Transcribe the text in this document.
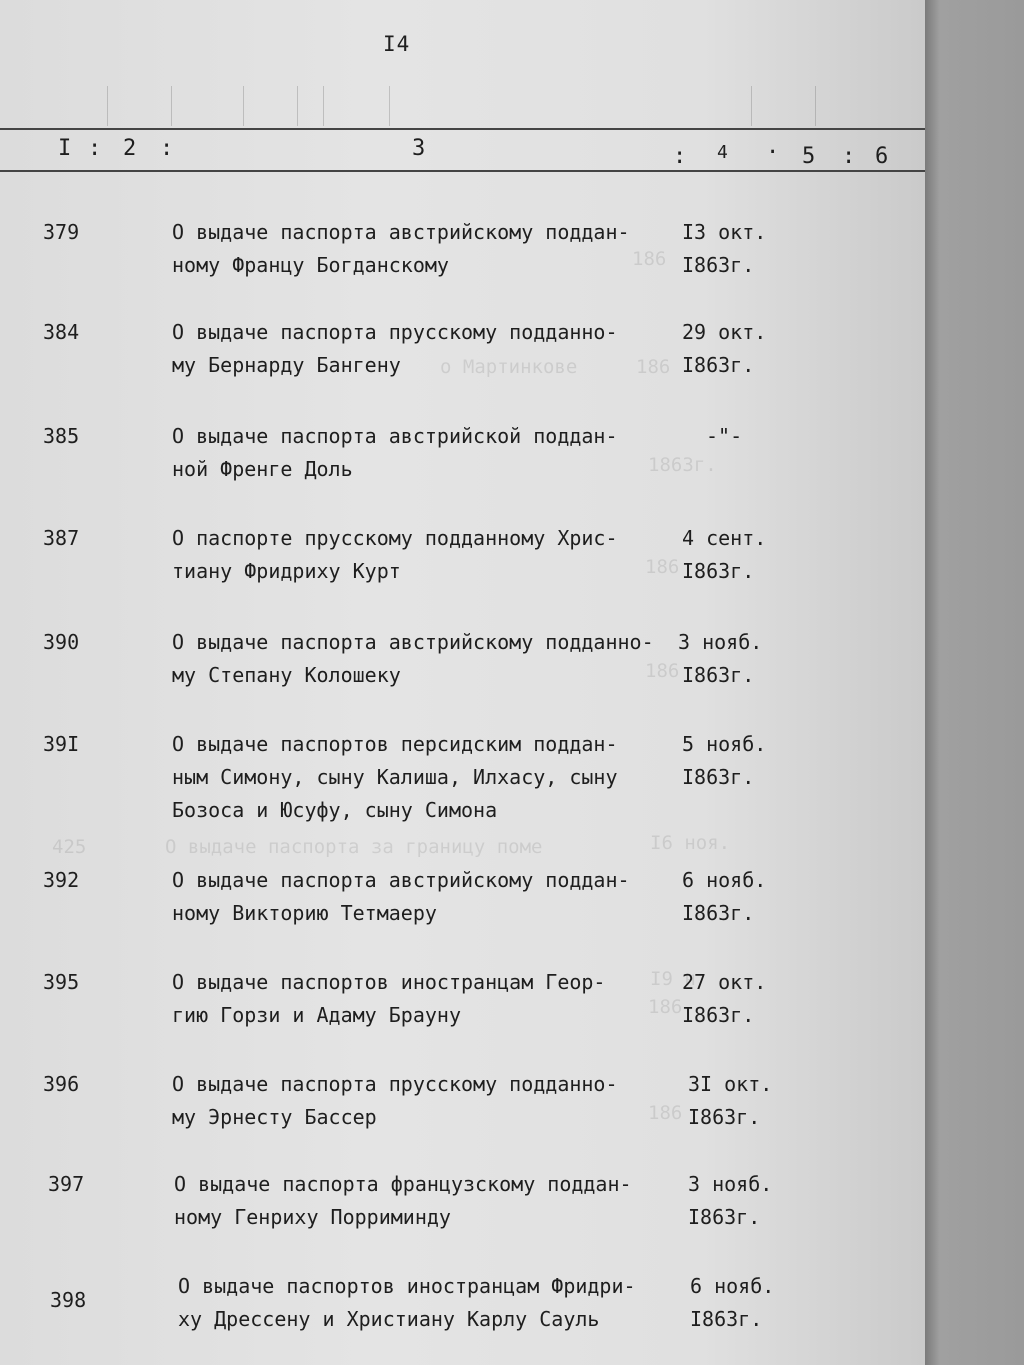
I4
I : 2 :	3	: 4 · 5 : 6
186
о Мартинкове	186
1863г.
186
186
425	О выдаче паспорта за границу поме	I6 ноя.
I9 н
186
186
379	О выдаче паспорта австрийскому поддан-
ному Францу Богданскому
I3 окт.
I863г.
384	О выдаче паспорта прусскому подданно-
му Бернарду Бангену
29 окт.
I863г.
385	О выдаче паспорта австрийской поддан-
ной Френге Доль
-"-
387	О паспорте прусскому подданному Хрис-
тиану Фридриху Курт
4 сент.
I863г.
390	О выдаче паспорта австрийскому подданно-
му Степану Колошеку
3 нояб.
I863г.
39I	О выдаче паспортов персидским поддан-
ным Симону, сыну Калиша, Илхасу, сыну
Бозоса и Юсуфу, сыну Симона
5 нояб.
I863г.
392	О выдаче паспорта австрийскому поддан-
ному Викторию Тетмаеру
6 нояб.
I863г.
395	О выдаче паспортов иностранцам Геор-
гию Горзи и Адаму Брауну
27 окт.
I863г.
396	О выдаче паспорта прусскому подданно-
му Эрнесту Бассер
3I окт.
I863г.
397	О выдаче паспорта французскому поддан-
ному Генриху Порриминду
3 нояб.
I863г.
398
О выдаче паспортов иностранцам Фридри-
ху Дрессену и Христиану Карлу Сауль
6 нояб.
I863г.
